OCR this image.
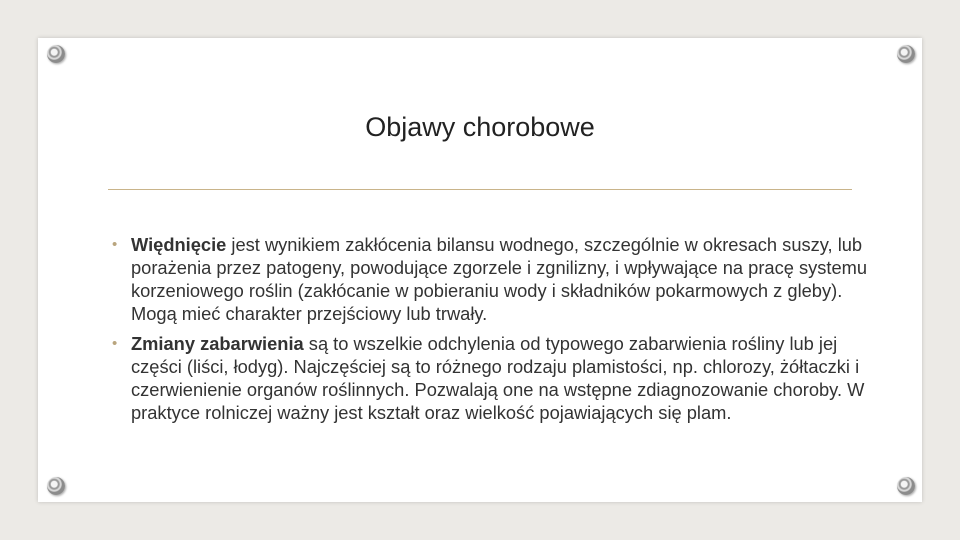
Objawy chorobowe
• Więdnięcie jest wynikiem zakłócenia bilansu wodnego, szczególnie w okresach suszy, lub porażenia przez patogeny, powodujące zgorzele i zgnilizny, i wpływające na pracę systemu korzeniowego roślin (zakłócanie w pobieraniu wody i składników pokarmowych z gleby). Mogą mieć charakter przejściowy lub trwały.
• Zmiany zabarwienia są to wszelkie odchylenia od typowego zabarwienia rośliny lub jej części (liści, łodyg). Najczęściej są to różnego rodzaju plamistości, np. chlorozy, żółtaczki i czerwienienie organów roślinnych. Pozwalają one na wstępne zdiagnozowanie choroby. W praktyce rolniczej ważny jest kształt oraz wielkość pojawiających się plam.
